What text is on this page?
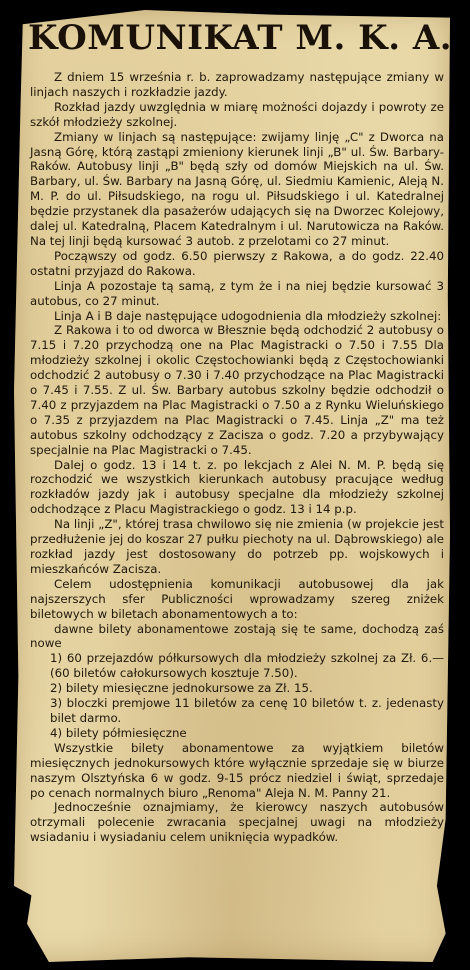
KOMUNIKAT M. K. A.

Z dniem 15 września r. b. zaprowadzamy następujące zmiany w linjach naszych i rozkładzie jazdy.

Rozkład jazdy uwzględnia w miarę możności dojazdy i powroty ze szkół młodzieży szkolnej.

Zmiany w linjach są następujące: zwijamy linję „C" z Dworca na Jasną Górę, którą zastąpi zmieniony kierunek linji „B" ul. Św. Barbary-Raków. Autobusy linji „B" będą szły od domów Miejskich na ul. Św. Barbary, ul. Św. Barbary na Jasną Górę, ul. Siedmiu Kamienic, Aleją N. M. P. do ul. Piłsudskiego, na rogu ul. Piłsudskiego i ul. Katedralnej będzie przystanek dla pasażerów udających się na Dworzec Kolejowy, dalej ul. Katedralną, Placem Katedralnym i ul. Narutowicza na Raków. Na tej linji będą kursować 3 autob. z przelotami co 27 minut.

Począwszy od godz. 6.50 pierwszy z Rakowa, a do godz. 22.40 ostatni przyjazd do Rakowa.

Linja A pozostaje tą samą, z tym że i na niej będzie kursować 3 autobus, co 27 minut.

Linja A i B daje następujące udogodnienia dla młodzieży szkolnej:

Z Rakowa i to od dworca w Błesznie będą odchodzić 2 autobusy o 7.15 i 7.20 przychodzą one na Plac Magistracki o 7.50 i 7.55 Dla młodzieży szkolnej i okolic Częstochowianki będą z Częstochowianki odchodzić 2 autobusy o 7.30 i 7.40 przychodzące na Plac Magistracki o 7.45 i 7.55. Z ul. Św. Barbary autobus szkolny będzie odchodził o 7.40 z przyjazdem na Plac Magistracki o 7.50 a z Rynku Wieluńskiego o 7.35 z przyjazdem na Plac Magistracki o 7.45. Linja „Z" ma też autobus szkolny odchodzący z Zacisza o godz. 7.20 a przybywający specjalnie na Plac Magistracki o 7.45.

Dalej o godz. 13 i 14 t. z. po lekcjach z Alei N. M. P. będą się rozchodzić we wszystkich kierunkach autobusy pracujące według rozkładów jazdy jak i autobusy specjalne dla młodzieży szkolnej odchodzące z Placu Magistrackiego o godz. 13 i 14 p.p.

Na linji „Z", której trasa chwilowo się nie zmienia (w projekcie jest przedłużenie jej do koszar 27 pułku piechoty na ul. Dąbrowskiego) ale rozkład jazdy jest dostosowany do potrzeb pp. wojskowych i mieszkańców Zacisza.

Celem udostępnienia komunikacji autobusowej dla jak najszerszych sfer Publiczności wprowadzamy szereg zniżek biletowych w biletach abonamentowych a to:

dawne bilety abonamentowe zostają się te same, dochodzą zaś nowe

1) 60 przejazdów półkursowych dla młodzieży szkolnej za Zł. 6.—(60 biletów całokursowych kosztuje 7.50).

2) bilety miesięczne jednokursowe za Zł. 15.

3) bloczki premjowe 11 biletów za cenę 10 biletów t. z. jedenasty bilet darmo.

4) bilety półmiesięczne

Wszystkie bilety abonamentowe za wyjątkiem biletów miesięcznych jednokursowych które wyłącznie sprzedaje się w biurze naszym Olsztyńska 6 w godz. 9-15 prócz niedziel i świąt, sprzedaje po cenach normalnych biuro „Renoma" Aleja N. M. Panny 21.

Jednocześnie oznajmiamy, że kierowcy naszych autobusów otrzymali polecenie zwracania specjalnej uwagi na młodzieży wsiadaniu i wysiadaniu celem uniknięcia wypadków.
